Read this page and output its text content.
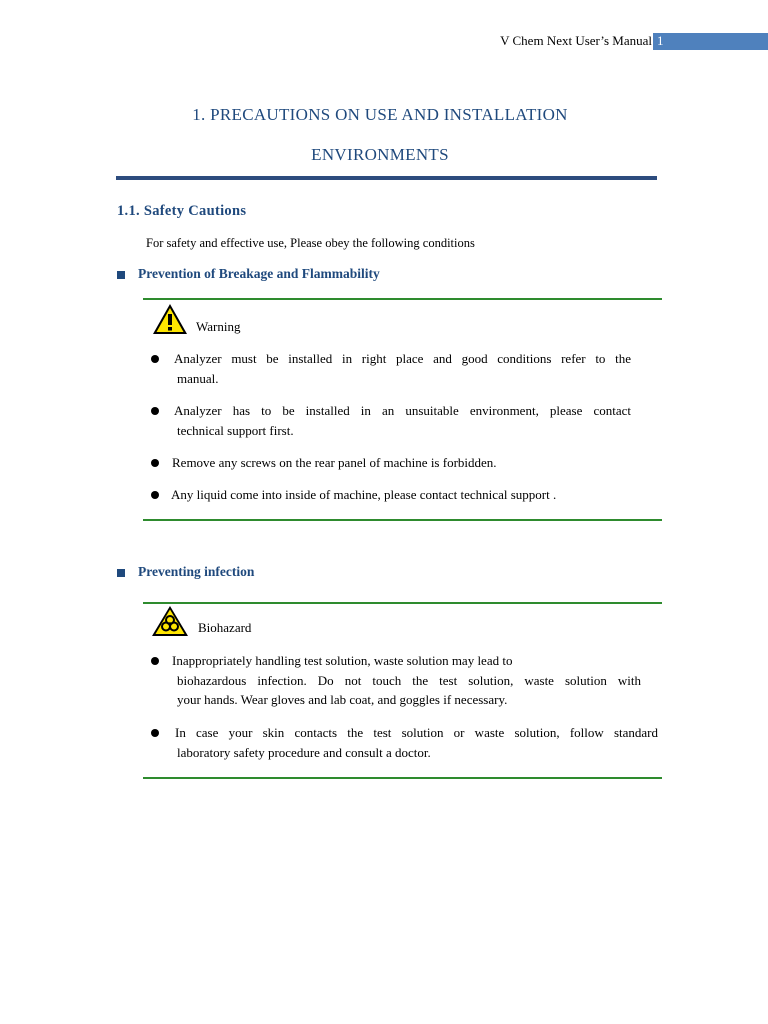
V Chem Next User’s Manual 1
1. PRECAUTIONS ON USE AND INSTALLATION
ENVIRONMENTS
1.1. Safety Cautions
For safety and effective use, Please obey the following conditions
Prevention of Breakage and Flammability
Warning
Analyzer must be installed in right place and good conditions refer to the
manual.
Analyzer has to be installed in an unsuitable environment, please contact
technical support first.
Remove any screws on the rear panel of machine is forbidden.
Any liquid come into inside of machine, please contact technical support .
Preventing infection
Biohazard
Inappropriately handling test solution, waste solution may lead to
biohazardous infection. Do not touch the test solution, waste solution with
your hands. Wear gloves and lab coat, and goggles if necessary.
In case your skin contacts the test solution or waste solution, follow standard
laboratory safety procedure and consult a doctor.
